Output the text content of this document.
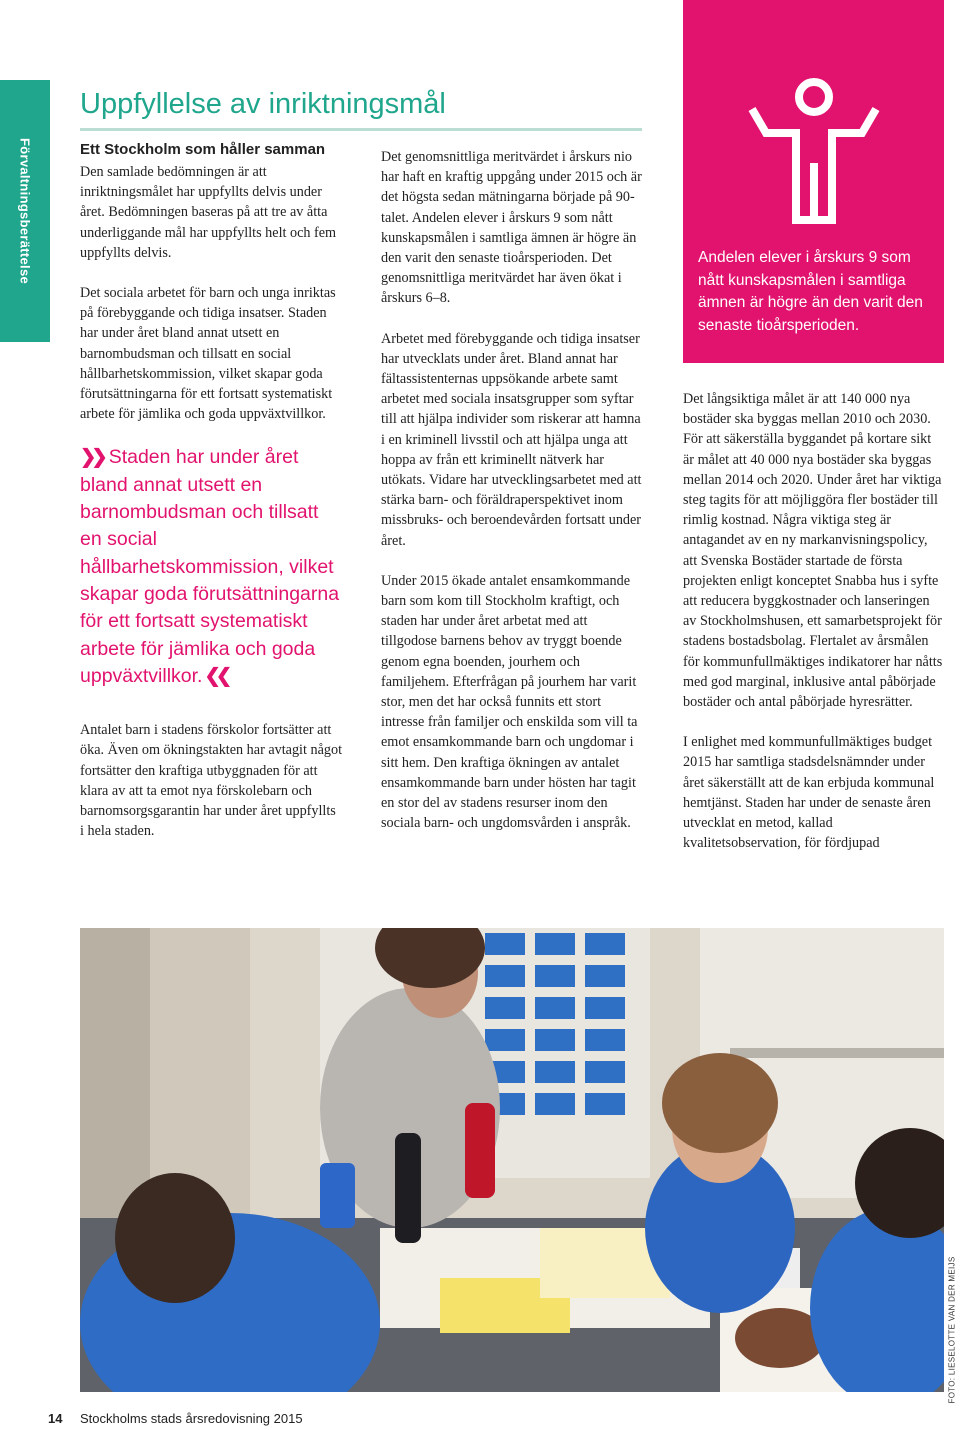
Förvaltningsberättelse
Uppfyllelse av inriktningsmål
Ett Stockholm som håller samman

Den samlade bedömningen är att inriktningsmålet har uppfyllts delvis under året. Bedömningen baseras på att tre av åtta underliggande mål har uppfyllts helt och fem uppfyllts delvis.

Det sociala arbetet för barn och unga inriktas på förebyggande och tidiga insatser. Staden har under året bland annat utsett en barnombudsman och tillsatt en social hållbarhetskommission, vilket skapar goda förutsättningarna för ett fortsatt systematiskt arbete för jämlika och goda uppväxtvillkor.

❯❯ Staden har under året bland annat utsett en barnombudsman och tillsatt en social hållbarhetskommission, vilket skapar goda förutsättningarna för ett fortsatt systematiskt arbete för jämlika och goda uppväxtvillkor. ❮❮

Antalet barn i stadens förskolor fortsätter att öka. Även om ökningstakten har avtagit något fortsätter den kraftiga utbyggnaden för att klara av att ta emot nya förskolebarn och barnomsorgsgarantin har under året uppfyllts i hela staden.

Det genomsnittliga meritvärdet i årskurs nio har haft en kraftig uppgång under 2015 och är det högsta sedan mätningarna började på 90-talet. Andelen elever i årskurs 9 som nått kunskapsmålen i samtliga ämnen är högre än den varit den senaste tioårsperioden. Det genomsnittliga meritvärdet har även ökat i årskurs 6–8.

Arbetet med förebyggande och tidiga insatser har utvecklats under året. Bland annat har fältassistenternas uppsökande arbete samt arbetet med sociala insatsgrupper som syftar till att hjälpa individer som riskerar att hamna i en kriminell livsstil och att hjälpa unga att hoppa av från ett kriminellt nätverk har utökats. Vidare har utvecklingsarbetet med att stärka barn- och föräldraperspektivet inom missbruks- och beroendevården fortsatt under året.

Under 2015 ökade antalet ensamkommande barn som kom till Stockholm kraftigt, och staden har under året arbetat med att tillgodose barnens behov av tryggt boende genom egna boenden, jourhem och familjehem. Efterfrågan på jourhem har varit stor, men det har också funnits ett stort intresse från familjer och enskilda som vill ta emot ensamkommande barn och ungdomar i sitt hem. Den kraftiga ökningen av antalet ensamkommande barn under hösten har tagit en stor del av stadens resurser inom den sociala barn- och ungdomsvården i anspråk.

Andelen elever i årskurs 9 som nått kunskapsmålen i samtliga ämnen är högre än den varit den senaste tioårsperioden.

Det långsiktiga målet är att 140 000 nya bostäder ska byggas mellan 2010 och 2030. För att säkerställa byggandet på kortare sikt är målet att 40 000 nya bostäder ska byggas mellan 2014 och 2020. Under året har viktiga steg tagits för att möjliggöra fler bostäder till rimlig kostnad. Några viktiga steg är antagandet av en ny markanvisningspolicy, att Svenska Bostäder startade de första projekten enligt konceptet Snabba hus i syfte att reducera byggkostnader och lanseringen av Stockholmshusen, ett samarbetsprojekt för stadens bostadsbolag. Flertalet av årsmålen för kommunfullmäktiges indikatorer har nåtts med god marginal, inklusive antal påbörjade bostäder och antal påbörjade hyresrätter.

I enlighet med kommunfullmäktiges budget 2015 har samtliga stadsdelsnämnder under året säkerställt att de kan erbjuda kommunal hemtjänst. Staden har under de senaste åren utvecklat en metod, kallad kvalitetsobservation, för fördjupad

FOTO: LIESELOTTE VAN DER MEIJS
14 Stockholms stads årsredovisning 2015
